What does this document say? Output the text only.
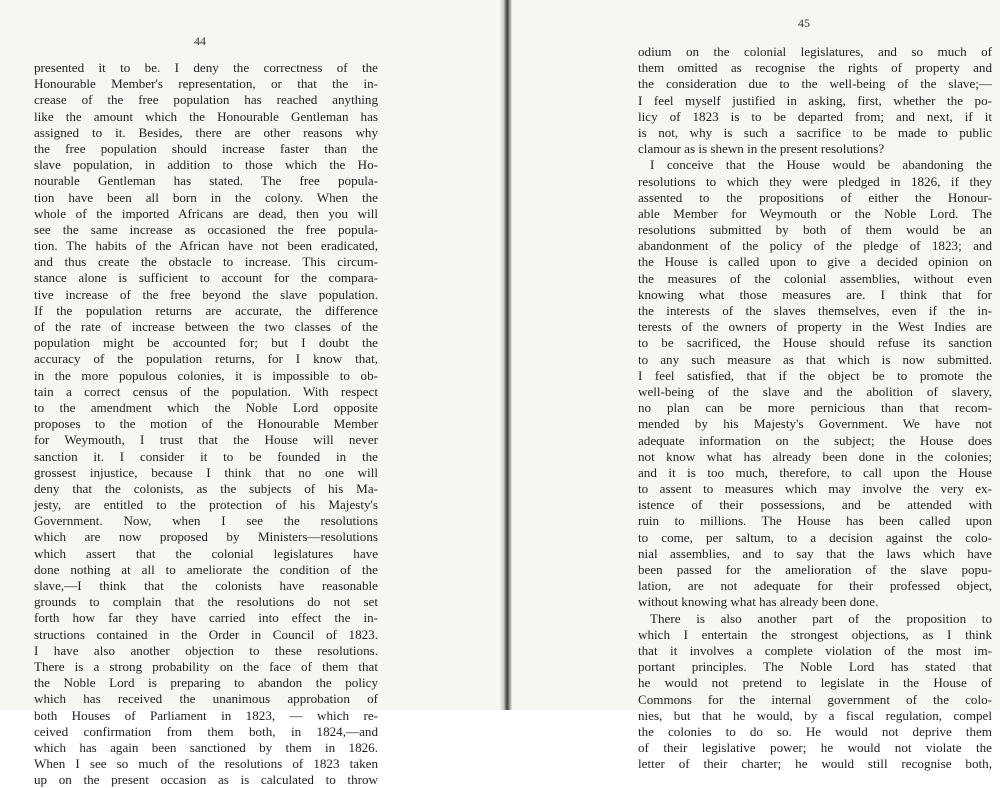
44
presented it to be. I deny the correctness of the
Honourable Member's representation, or that the in-
crease of the free population has reached anything
like the amount which the Honourable Gentleman has
assigned to it. Besides, there are other reasons why
the free population should increase faster than the
slave population, in addition to those which the Ho-
nourable Gentleman has stated. The free popula-
tion have been all born in the colony. When the
whole of the imported Africans are dead, then you will
see the same increase as occasioned the free popula-
tion. The habits of the African have not been eradicated,
and thus create the obstacle to increase. This circum-
stance alone is sufficient to account for the compara-
tive increase of the free beyond the slave population.
If the population returns are accurate, the difference
of the rate of increase between the two classes of the
population might be accounted for; but I doubt the
accuracy of the population returns, for I know that,
in the more populous colonies, it is impossible to ob-
tain a correct census of the population. With respect
to the amendment which the Noble Lord opposite
proposes to the motion of the Honourable Member
for Weymouth, I trust that the House will never
sanction it. I consider it to be founded in the
grossest injustice, because I think that no one will
deny that the colonists, as the subjects of his Ma-
jesty, are entitled to the protection of his Majesty's
Government. Now, when I see the resolutions
which are now proposed by Ministers—resolutions
which assert that the colonial legislatures have
done nothing at all to ameliorate the condition of the
slave,—I think that the colonists have reasonable
grounds to complain that the resolutions do not set
forth how far they have carried into effect the in-
structions contained in the Order in Council of 1823.
I have also another objection to these resolutions.
There is a strong probability on the face of them that
the Noble Lord is preparing to abandon the policy
which has received the unanimous approbation of
both Houses of Parliament in 1823, — which re-
ceived confirmation from them both, in 1824,—and
which has again been sanctioned by them in 1826.
When I see so much of the resolutions of 1823 taken
up on the present occasion as is calculated to throw
45
odium on the colonial legislatures, and so much of
them omitted as recognise the rights of property and
the consideration due to the well-being of the slave;—
I feel myself justified in asking, first, whether the po-
licy of 1823 is to be departed from; and next, if it
is not, why is such a sacrifice to be made to public
clamour as is shewn in the present resolutions?
I conceive that the House would be abandoning the
resolutions to which they were pledged in 1826, if they
assented to the propositions of either the Honour-
able Member for Weymouth or the Noble Lord. The
resolutions submitted by both of them would be an
abandonment of the policy of the pledge of 1823; and
the House is called upon to give a decided opinion on
the measures of the colonial assemblies, without even
knowing what those measures are. I think that for
the interests of the slaves themselves, even if the in-
terests of the owners of property in the West Indies are
to be sacrificed, the House should refuse its sanction
to any such measure as that which is now submitted.
I feel satisfied, that if the object be to promote the
well-being of the slave and the abolition of slavery,
no plan can be more pernicious than that recom-
mended by his Majesty's Government. We have not
adequate information on the subject; the House does
not know what has already been done in the colonies;
and it is too much, therefore, to call upon the House
to assent to measures which may involve the very ex-
istence of their possessions, and be attended with
ruin to millions. The House has been called upon
to come, per saltum, to a decision against the colo-
nial assemblies, and to say that the laws which have
been passed for the amelioration of the slave popu-
lation, are not adequate for their professed object,
without knowing what has already been done.
There is also another part of the proposition to
which I entertain the strongest objections, as I think
that it involves a complete violation of the most im-
portant principles. The Noble Lord has stated that
he would not pretend to legislate in the House of
Commons for the internal government of the colo-
nies, but that he would, by a fiscal regulation, compel
the colonies to do so. He would not deprive them
of their legislative power; he would not violate the
letter of their charter; he would still recognise both,
